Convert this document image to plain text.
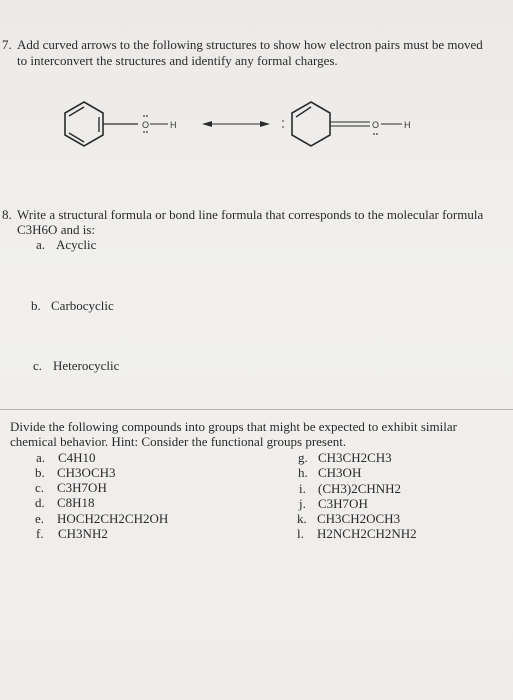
7. Add curved arrows to the following structures to show how electron pairs must be moved
to interconvert the structures and identify any formal charges.
O H	O	H
8. Write a structural formula or bond line formula that corresponds to the molecular formula
C3H6O and is:
a. Acyclic
b. Carbocyclic
c. Heterocyclic
Divide the following compounds into groups that might be expected to exhibit similar
chemical behavior. Hint: Consider the functional groups present.
a. C4H10
b. CH3OCH3
c. C3H7OH
d. C8H18
e. HOCH2CH2CH2OH
f. CH3NH2
g. CH3CH2CH3
h. CH3OH
i. (CH3)2CHNH2
j. C3H7OH
k. CH3CH2OCH3
l. H2NCH2CH2NH2
